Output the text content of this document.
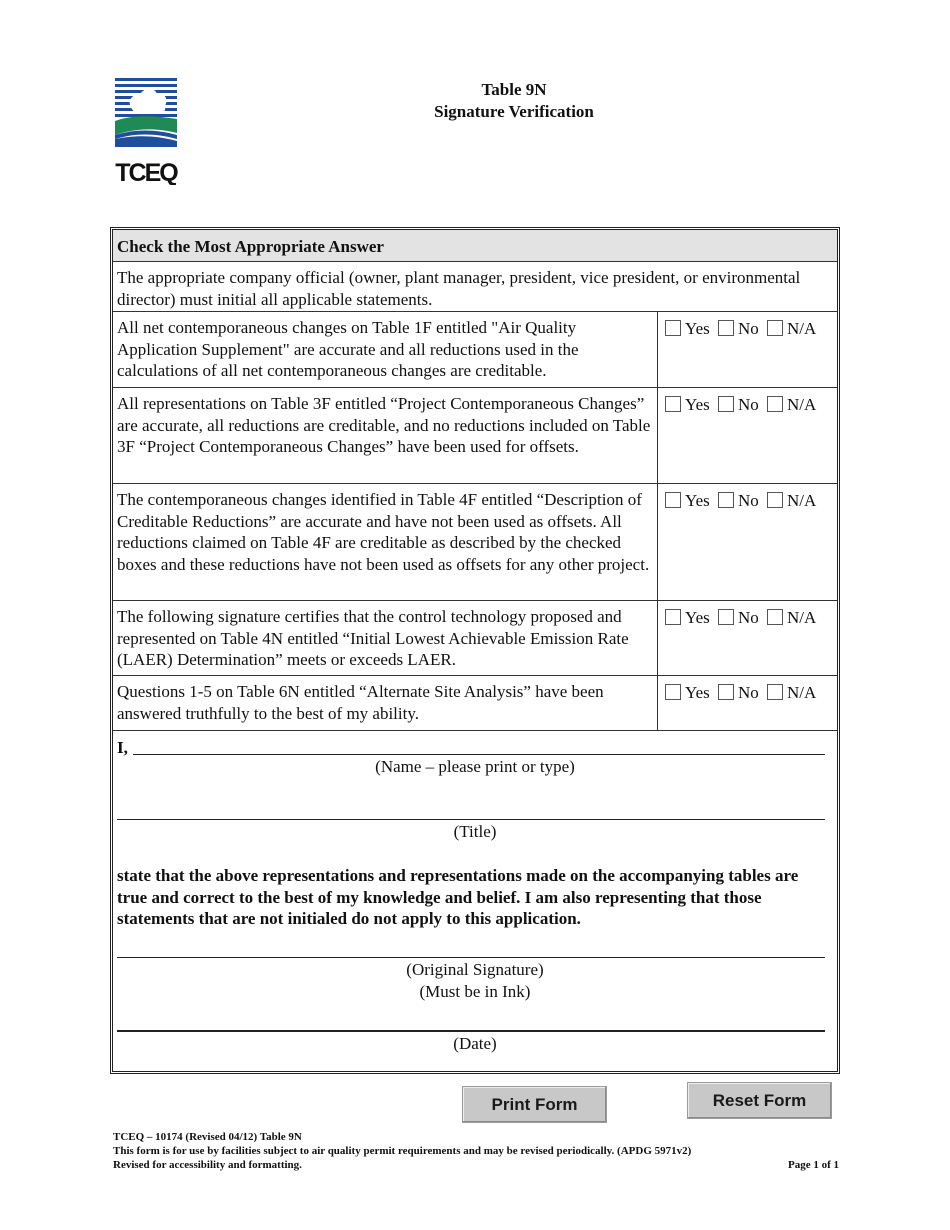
TCEQ
Table 9N
Signature Verification
Check the Most Appropriate Answer
The appropriate company official (owner, plant manager, president, vice president, or environmental director) must initial all applicable statements.
All net contemporaneous changes on Table 1F entitled "Air Quality Application Supplement" are accurate and all reductions used in the calculations of all net contemporaneous changes are creditable.
Yes No N/A
All representations on Table 3F entitled “Project Contemporaneous Changes” are accurate, all reductions are creditable, and no reductions included on Table 3F “Project Contemporaneous Changes” have been used for offsets.
Yes No N/A
The contemporaneous changes identified in Table 4F entitled “Description of Creditable Reductions” are accurate and have not been used as offsets. All reductions claimed on Table 4F are creditable as described by the checked boxes and these reductions have not been used as offsets for any other project.
Yes No N/A
The following signature certifies that the control technology proposed and represented on Table 4N entitled “Initial Lowest Achievable Emission Rate (LAER) Determination” meets or exceeds LAER.
Yes No N/A
Questions 1-5 on Table 6N entitled “Alternate Site Analysis” have been answered truthfully to the best of my ability.
Yes No N/A
I,
(Name – please print or type)
(Title)
state that the above representations and representations made on the accompanying tables are true and correct to the best of my knowledge and belief. I am also representing that those statements that are not initialed do not apply to this application.
(Original Signature)
(Must be in Ink)
(Date)
Print Form	Reset Form
TCEQ – 10174 (Revised 04/12) Table 9N
This form is for use by facilities subject to air quality permit requirements and may be revised periodically. (APDG 5971v2)
Revised for accessibility and formatting.	Page 1 of 1
